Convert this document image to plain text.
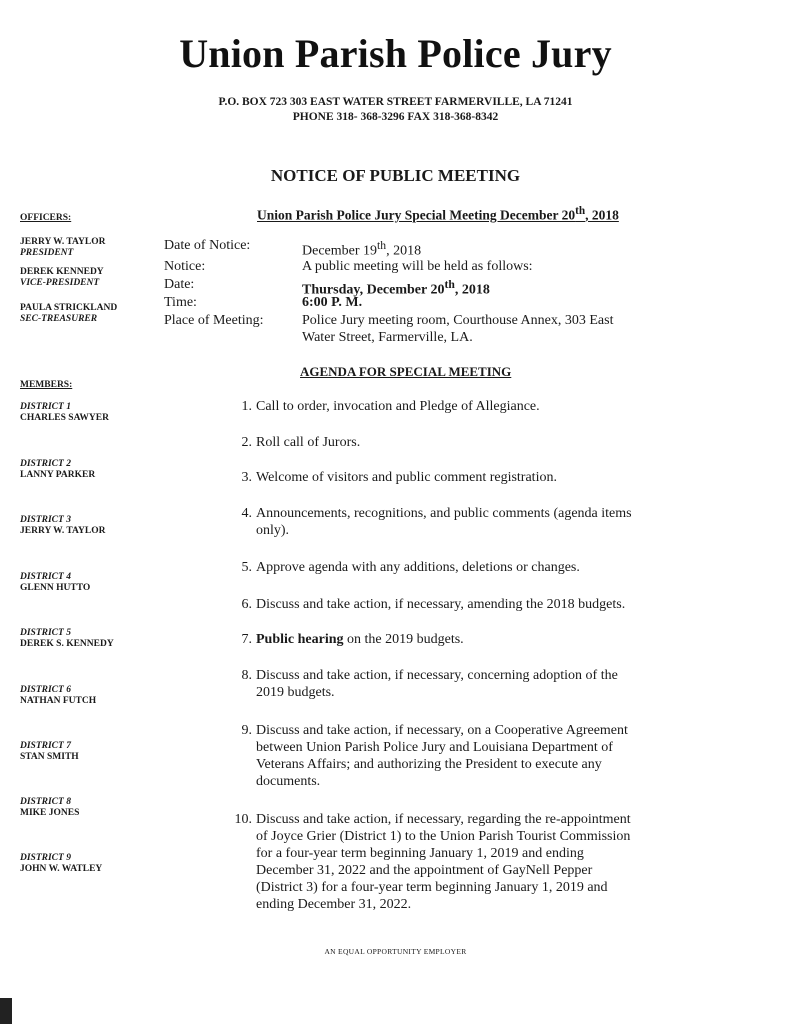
Union Parish Police Jury
P.O. BOX 723 303 EAST WATER STREET FARMERVILLE, LA 71241
PHONE 318- 368-3296 FAX 318-368-8342
NOTICE OF PUBLIC MEETING
Union Parish Police Jury Special Meeting December 20th, 2018
OFFICERS:
JERRY W. TAYLOR
PRESIDENT
DEREK KENNEDY
VICE-PRESIDENT
PAULA STRICKLAND
SEC-TREASURER
MEMBERS:
DISTRICT 1
CHARLES SAWYER
DISTRICT 2
LANNY PARKER
DISTRICT 3
JERRY W. TAYLOR
DISTRICT 4
GLENN HUTTO
DISTRICT 5
DEREK S. KENNEDY
DISTRICT 6
NATHAN FUTCH
DISTRICT 7
STAN SMITH
DISTRICT 8
MIKE JONES
DISTRICT 9
JOHN W. WATLEY
Date of Notice:	December 19th, 2018
Notice:	A public meeting will be held as follows:
Date:	Thursday, December 20th, 2018
Time:	6:00 P. M.
Place of Meeting:	Police Jury meeting room, Courthouse Annex, 303 East
Water Street, Farmerville, LA.
AGENDA FOR SPECIAL MEETING
1. Call to order, invocation and Pledge of Allegiance.
2. Roll call of Jurors.
3. Welcome of visitors and public comment registration.
4. Announcements, recognitions, and public comments (agenda items
only).
5. Approve agenda with any additions, deletions or changes.
6. Discuss and take action, if necessary, amending the 2018 budgets.
7. Public hearing on the 2019 budgets.
8. Discuss and take action, if necessary, concerning adoption of the
2019 budgets.
9. Discuss and take action, if necessary, on a Cooperative Agreement
between Union Parish Police Jury and Louisiana Department of
Veterans Affairs; and authorizing the President to execute any
documents.
10. Discuss and take action, if necessary, regarding the re-appointment
of Joyce Grier (District 1) to the Union Parish Tourist Commission
for a four-year term beginning January 1, 2019 and ending
December 31, 2022 and the appointment of GayNell Pepper
(District 3) for a four-year term beginning January 1, 2019 and
ending December 31, 2022.
AN EQUAL OPPORTUNITY EMPLOYER
